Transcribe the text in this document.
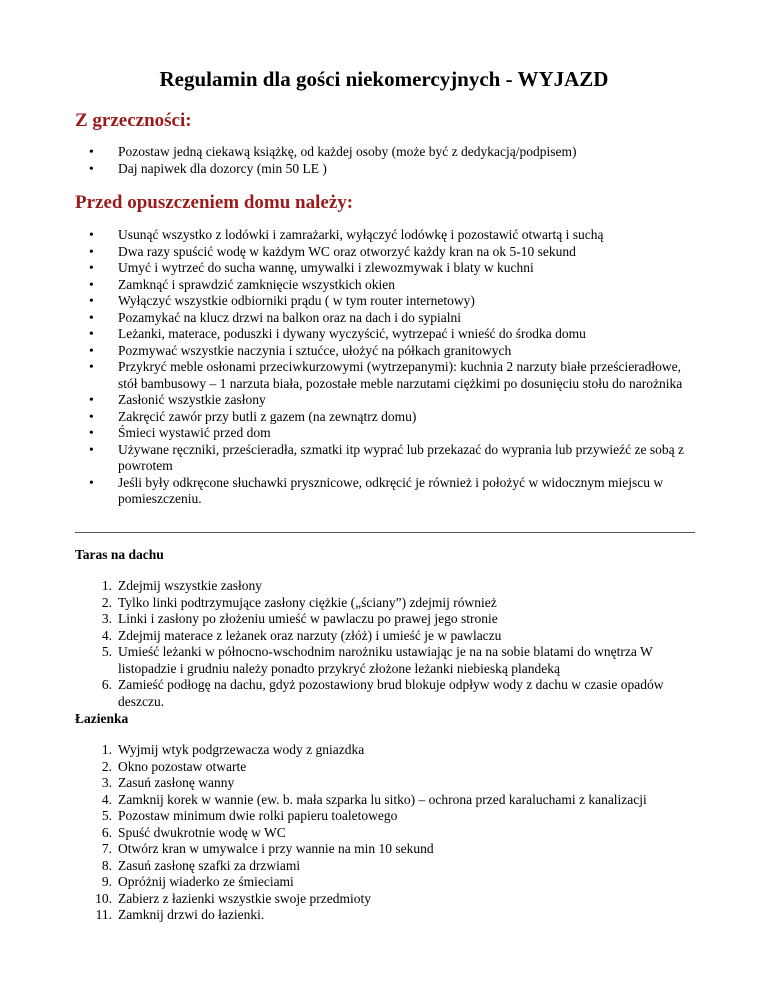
Regulamin dla gości niekomercyjnych - WYJAZD
Z grzeczności:
• Pozostaw jedną ciekawą książkę, od każdej osoby (może być z dedykacją/podpisem)
• Daj napiwek dla dozorcy (min 50 LE )
Przed opuszczeniem domu należy:
• Usunąć wszystko z lodówki i zamrażarki, wyłączyć lodówkę i pozostawić otwartą i suchą
• Dwa razy spuścić wodę w każdym WC oraz otworzyć każdy kran na ok 5-10 sekund
• Umyć i wytrzeć do sucha wannę, umywalki i zlewozmywak i blaty w kuchni
• Zamknąć i sprawdzić zamknięcie wszystkich okien
• Wyłączyć wszystkie odbiorniki prądu ( w tym router internetowy)
• Pozamykać na klucz drzwi na balkon oraz na dach i do sypialni
• Leżanki, materace, poduszki i dywany wyczyścić, wytrzepać i wnieść do środka domu
• Pozmywać wszystkie naczynia i sztućce, ułożyć na półkach granitowych
• Przykryć meble osłonami przeciwkurzowymi (wytrzepanymi): kuchnia 2 narzuty białe prześcieradłowe, stół bambusowy – 1 narzuta biała, pozostałe meble narzutami ciężkimi po dosunięciu stołu do narożnika
• Zasłonić wszystkie zasłony
• Zakręcić zawór przy butli z gazem (na zewnątrz domu)
• Śmieci wystawić przed dom
• Używane ręczniki, prześcieradła, szmatki itp wyprać lub przekazać do wyprania lub przywieźć ze sobą z powrotem
• Jeśli były odkręcone słuchawki prysznicowe, odkręcić je również i położyć w widocznym miejscu w pomieszczeniu.
Taras na dachu
1. Zdejmij wszystkie zasłony
2. Tylko linki podtrzymujące zasłony ciężkie („ściany”) zdejmij również
3. Linki i zasłony po złożeniu umieść w pawlaczu po prawej jego stronie
4. Zdejmij materace z leżanek oraz narzuty (złóż) i umieść je w pawlaczu
5. Umieść leżanki w północno-wschodnim narożniku ustawiając je na na sobie blatami do wnętrza W listopadzie i grudniu należy ponadto przykryć złożone leżanki niebieską plandeką
6. Zamieść podłogę na dachu, gdyż pozostawiony brud blokuje odpływ wody z dachu w czasie opadów deszczu.
Łazienka
1. Wyjmij wtyk podgrzewacza wody z gniazdka
2. Okno pozostaw otwarte
3. Zasuń zasłonę wanny
4. Zamknij korek w wannie (ew. b. mała szparka lu sitko) – ochrona przed karaluchami z kanalizacji
5. Pozostaw minimum dwie rolki papieru toaletowego
6. Spuść dwukrotnie wodę w WC
7. Otwórz kran w umywalce i przy wannie na min 10 sekund
8. Zasuń zasłonę szafki za drzwiami
9. Opróżnij wiaderko ze śmieciami
10. Zabierz z łazienki wszystkie swoje przedmioty
11. Zamknij drzwi do łazienki.
